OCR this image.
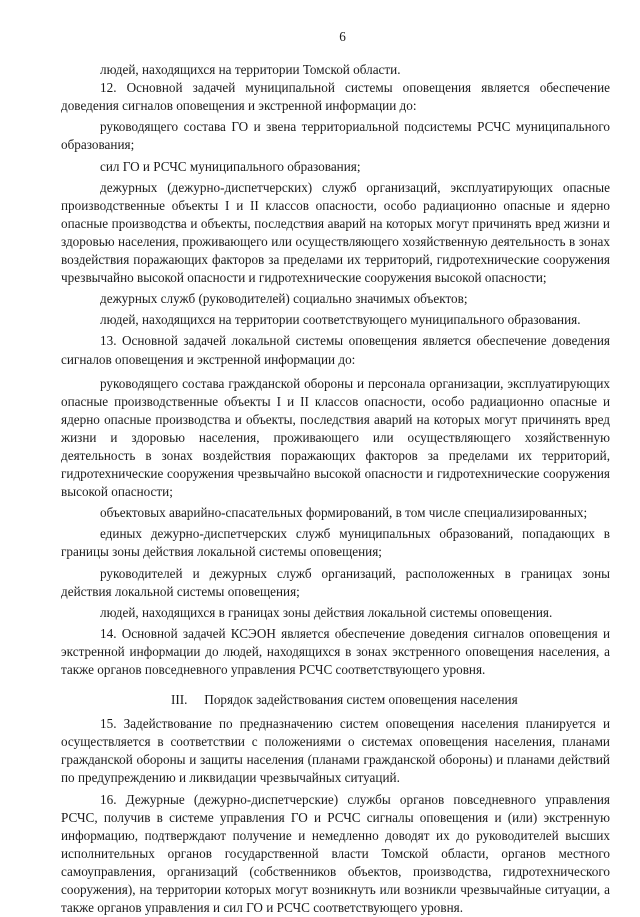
6

людей, находящихся на территории Томской области.

12. Основной задачей муниципальной системы оповещения является обеспечение доведения сигналов оповещения и экстренной информации до:

руководящего состава ГО и звена территориальной подсистемы РСЧС муниципального образования;

сил ГО и РСЧС муниципального образования;

дежурных (дежурно-диспетчерских) служб организаций, эксплуатирующих опасные производственные объекты I и II классов опасности, особо радиационно опасные и ядерно опасные производства и объекты, последствия аварий на которых могут причинять вред жизни и здоровью населения, проживающего или осуществляющего хозяйственную деятельность в зонах воздействия поражающих факторов за пределами их территорий, гидротехнические сооружения чрезвычайно высокой опасности и гидротехнические сооружения высокой опасности;

дежурных служб (руководителей) социально значимых объектов;

людей, находящихся на территории соответствующего муниципального образования.

13. Основной задачей локальной системы оповещения является обеспечение доведения сигналов оповещения и экстренной информации до:

руководящего состава гражданской обороны и персонала организации, эксплуатирующих опасные производственные объекты I и II классов опасности, особо радиационно опасные и ядерно опасные производства и объекты, последствия аварий на которых могут причинять вред жизни и здоровью населения, проживающего или осуществляющего хозяйственную деятельность в зонах воздействия поражающих факторов за пределами их территорий, гидротехнические сооружения чрезвычайно высокой опасности и гидротехнические сооружения высокой опасности;

объектовых аварийно-спасательных формирований, в том числе специализированных;

единых дежурно-диспетчерских служб муниципальных образований, попадающих в границы зоны действия локальной системы оповещения;

руководителей и дежурных служб организаций, расположенных в границах зоны действия локальной системы оповещения;

людей, находящихся в границах зоны действия локальной системы оповещения.

14. Основной задачей КСЭОН является обеспечение доведения сигналов оповещения и экстренной информации до людей, находящихся в зонах экстренного оповещения населения, а также органов повседневного управления РСЧС соответствующего уровня.

III. Порядок задействования систем оповещения населения

15. Задействование по предназначению систем оповещения населения планируется и осуществляется в соответствии с положениями о системах оповещения населения, планами гражданской обороны и защиты населения (планами гражданской обороны) и планами действий по предупреждению и ликвидации чрезвычайных ситуаций.

16. Дежурные (дежурно-диспетчерские) службы органов повседневного управления РСЧС, получив в системе управления ГО и РСЧС сигналы оповещения и (или) экстренную информацию, подтверждают получение и немедленно доводят их до руководителей высших исполнительных органов государственной власти Томской области, органов местного самоуправления, организаций (собственников объектов, производства, гидротехнического сооружения), на территории которых могут возникнуть или возникли чрезвычайные ситуации, а также органов управления и сил ГО и РСЧС соответствующего уровня.
